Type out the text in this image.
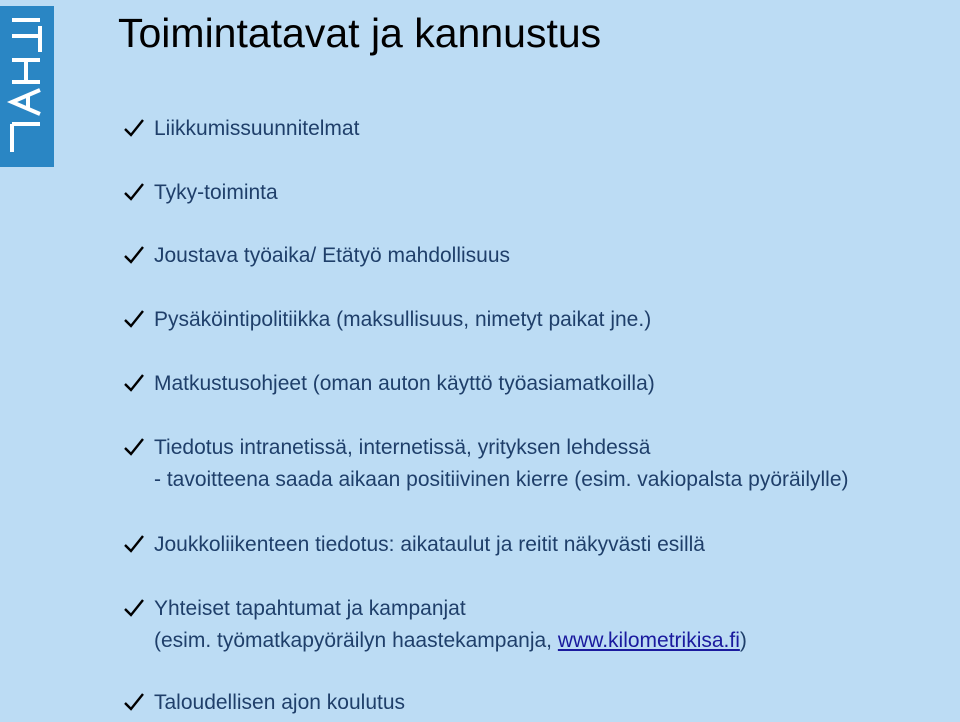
Toimintatavat ja kannustus
Liikkumissuunnitelmat
Tyky-toiminta
Joustava työaika/ Etätyö mahdollisuus
Pysäköintipolitiikka (maksullisuus, nimetyt paikat jne.)
Matkustusohjeet (oman auton käyttö työasiamatkoilla)
Tiedotus intranetissä, internetissä, yrityksen lehdessä
- tavoitteena saada aikaan positiivinen kierre (esim. vakiopalsta pyöräilylle)
Joukkoliikenteen tiedotus: aikataulut ja reitit näkyvästi esillä
Yhteiset tapahtumat ja kampanjat
(esim. työmatkapyöräilyn haastekampanja, www.kilometrikisa.fi)
Taloudellisen ajon koulutus
